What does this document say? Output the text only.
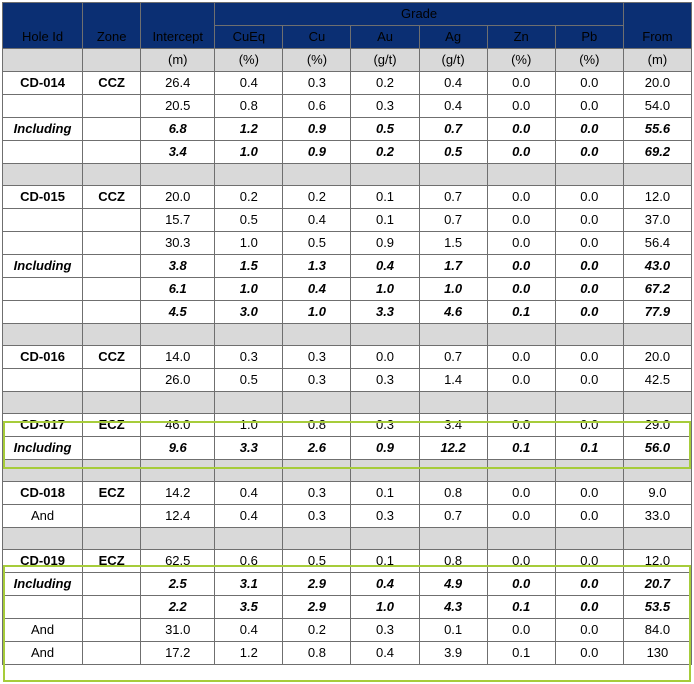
Hole Id	Zone	Intercept	Grade						From
			CuEq	Cu	Au	Ag	Zn	Pb	
		(m)	(%)	(%)	(g/t)	(g/t)	(%)	(%)	(m)
CD-014	CCZ	26.4	0.4	0.3	0.2	0.4	0.0	0.0	20.0
		20.5	0.8	0.6	0.3	0.4	0.0	0.0	54.0
Including		6.8	1.2	0.9	0.5	0.7	0.0	0.0	55.6
		3.4	1.0	0.9	0.2	0.5	0.0	0.0	69.2

CD-015	CCZ	20.0	0.2	0.2	0.1	0.7	0.0	0.0	12.0
		15.7	0.5	0.4	0.1	0.7	0.0	0.0	37.0
		30.3	1.0	0.5	0.9	1.5	0.0	0.0	56.4
Including		3.8	1.5	1.3	0.4	1.7	0.0	0.0	43.0
		6.1	1.0	0.4	1.0	1.0	0.0	0.0	67.2
		4.5	3.0	1.0	3.3	4.6	0.1	0.0	77.9

CD-016	CCZ	14.0	0.3	0.3	0.0	0.7	0.0	0.0	20.0
		26.0	0.5	0.3	0.3	1.4	0.0	0.0	42.5

CD-017	ECZ	46.0	1.0	0.8	0.3	3.4	0.0	0.0	29.0
Including		9.6	3.3	2.6	0.9	12.2	0.1	0.1	56.0

CD-018	ECZ	14.2	0.4	0.3	0.1	0.8	0.0	0.0	9.0
And		12.4	0.4	0.3	0.3	0.7	0.0	0.0	33.0

CD-019	ECZ	62.5	0.6	0.5	0.1	0.8	0.0	0.0	12.0
Including		2.5	3.1	2.9	0.4	4.9	0.0	0.0	20.7
		2.2	3.5	2.9	1.0	4.3	0.1	0.0	53.5
And		31.0	0.4	0.2	0.3	0.1	0.0	0.0	84.0
And		17.2	1.2	0.8	0.4	3.9	0.1	0.0	130
